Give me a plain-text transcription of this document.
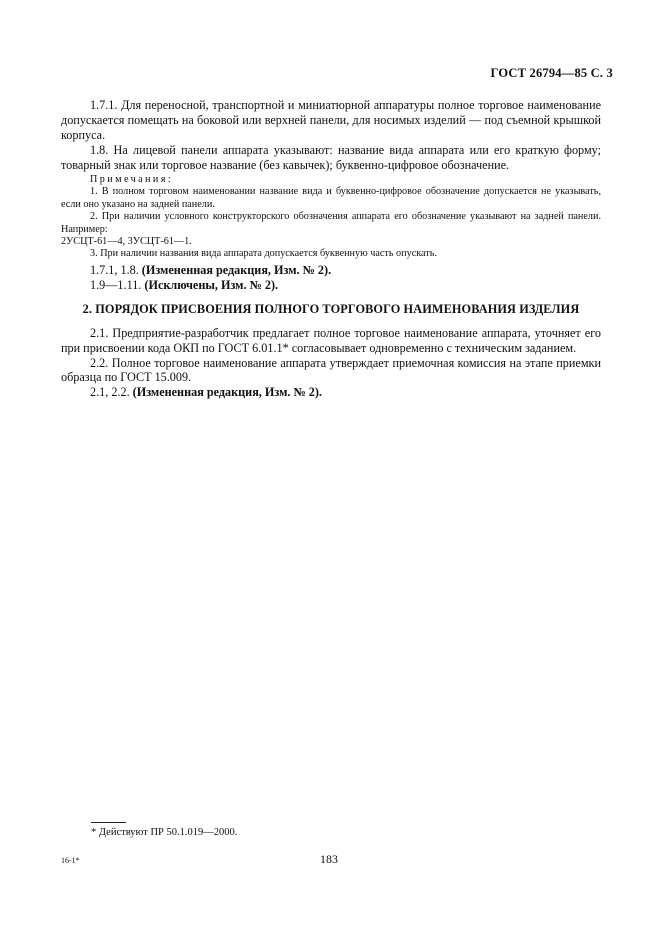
ГОСТ 26794—85 С. 3

1.7.1. Для переносной, транспортной и миниатюрной аппаратуры полное торговое наименование допускается помещать на боковой или верхней панели, для носимых изделий — под съемной крышкой корпуса.

1.8. На лицевой панели аппарата указывают: название вида аппарата или его краткую форму; товарный знак или торговое название (без кавычек); буквенно-цифровое обозначение.

Примечания:

1. В полном торговом наименовании название вида и буквенно-цифровое обозначение допускается не указывать, если оно указано на задней панели.

2. При наличии условного конструкторского обозначения аппарата его обозначение указывают на задней панели. Например:

2УСЦТ-61—4, 3УСЦТ-61—1.

3. При наличии названия вида аппарата допускается буквенную часть опускать.

1.7.1, 1.8. (Измененная редакция, Изм. № 2).

1.9—1.11. (Исключены, Изм. № 2).

2. ПОРЯДОК ПРИСВОЕНИЯ ПОЛНОГО ТОРГОВОГО НАИМЕНОВАНИЯ ИЗДЕЛИЯ

2.1. Предприятие-разработчик предлагает полное торговое наименование аппарата, уточняет его при присвоении кода ОКП по ГОСТ 6.01.1* согласовывает одновременно с техническим заданием.

2.2. Полное торговое наименование аппарата утверждает приемочная комиссия на этапе приемки образца по ГОСТ 15.009.

2.1, 2.2. (Измененная редакция, Изм. № 2).

* Действуют ПР 50.1.019—2000.
16-1*	183
